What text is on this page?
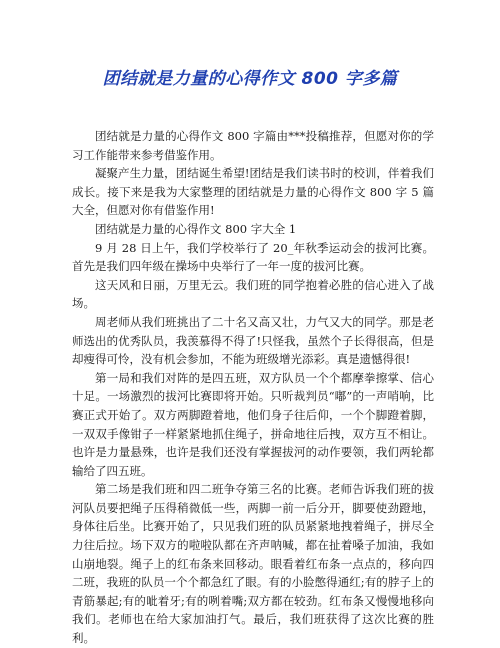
团结就是力量的心得作文 800 字多篇

团结就是力量的心得作文 800 字篇由***投稿推荐，但愿对你的学习工作能带来参考借鉴作用。

凝聚产生力量，团结诞生希望!团结是我们读书时的校训，伴着我们成长。接下来是我为大家整理的团结就是力量的心得作文 800 字 5 篇大全，但愿对你有借鉴作用!

团结就是力量的心得作文 800 字大全 1

9 月 28 日上午，我们学校举行了 20_年秋季运动会的拔河比赛。首先是我们四年级在操场中央举行了一年一度的拔河比赛。

这天风和日丽，万里无云。我们班的同学抱着必胜的信心进入了战场。

周老师从我们班挑出了二十名又高又壮，力气又大的同学。那是老师选出的优秀队员，我羡慕得不得了!只怪我，虽然个子长得很高，但是却瘦得可怜，没有机会参加，不能为班级增光添彩。真是遗憾得很!

第一局和我们对阵的是四五班，双方队员一个个都摩拳擦掌、信心十足。一场激烈的拔河比赛即将开始。只听裁判员“嘟”的一声哨响，比赛正式开始了。双方两脚蹬着地，他们身子往后仰，一个个脚蹬着脚，一双双手像钳子一样紧紧地抓住绳子，拼命地往后拽，双方互不相让。也许是力量悬殊，也许是我们还没有掌握拔河的动作要领，我们两轮都输给了四五班。

第二场是我们班和四二班争夺第三名的比赛。老师告诉我们班的拔河队员要把绳子压得稍微低一些，两脚一前一后分开，脚要使劲蹬地，身体往后坐。比赛开始了，只见我们班的队员紧紧地拽着绳子，拼尽全力往后拉。场下双方的啦啦队都在齐声呐喊，都在扯着嗓子加油，我如山崩地裂。绳子上的红布条来回移动。眼看着红布条一点点的，移向四二班，我班的队员一个个都急红了眼。有的小脸憋得通红;有的脖子上的青筋暴起;有的呲着牙;有的咧着嘴;双方都在较劲。红布条又慢慢地移向我们。老师也在给大家加油打气。最后，我们班获得了这次比赛的胜利。
